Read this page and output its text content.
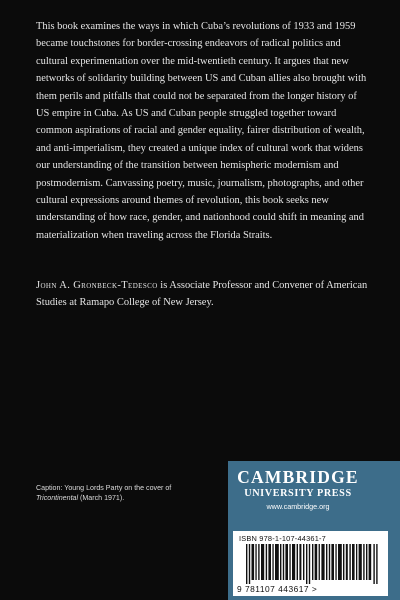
This book examines the ways in which Cuba’s revolutions of 1933 and 1959 became touchstones for border-crossing endeavors of radical politics and cultural experimentation over the mid-twentieth century. It argues that new networks of solidarity building between US and Cuban allies also brought with them perils and pitfalls that could not be separated from the longer history of US empire in Cuba. As US and Cuban people struggled together toward common aspirations of racial and gender equality, fairer distribution of wealth, and anti-imperialism, they created a unique index of cultural work that widens our understanding of the transition between hemispheric modernism and postmodernism. Canvassing poetry, music, journalism, photographs, and other cultural expressions around themes of revolution, this book seeks new understanding of how race, gender, and nationhood could shift in meaning and materialization when traveling across the Florida Straits.

John A. Gronbeck-Tedesco is Associate Professor and Convener of American Studies at Ramapo College of New Jersey.

Caption: Young Lords Party on the cover of Tricontinental (March 1971).

CAMBRIDGE

UNIVERSITY PRESS

www.cambridge.org

ISBN 978-1-107-44361-7

9 781107 443617 >
